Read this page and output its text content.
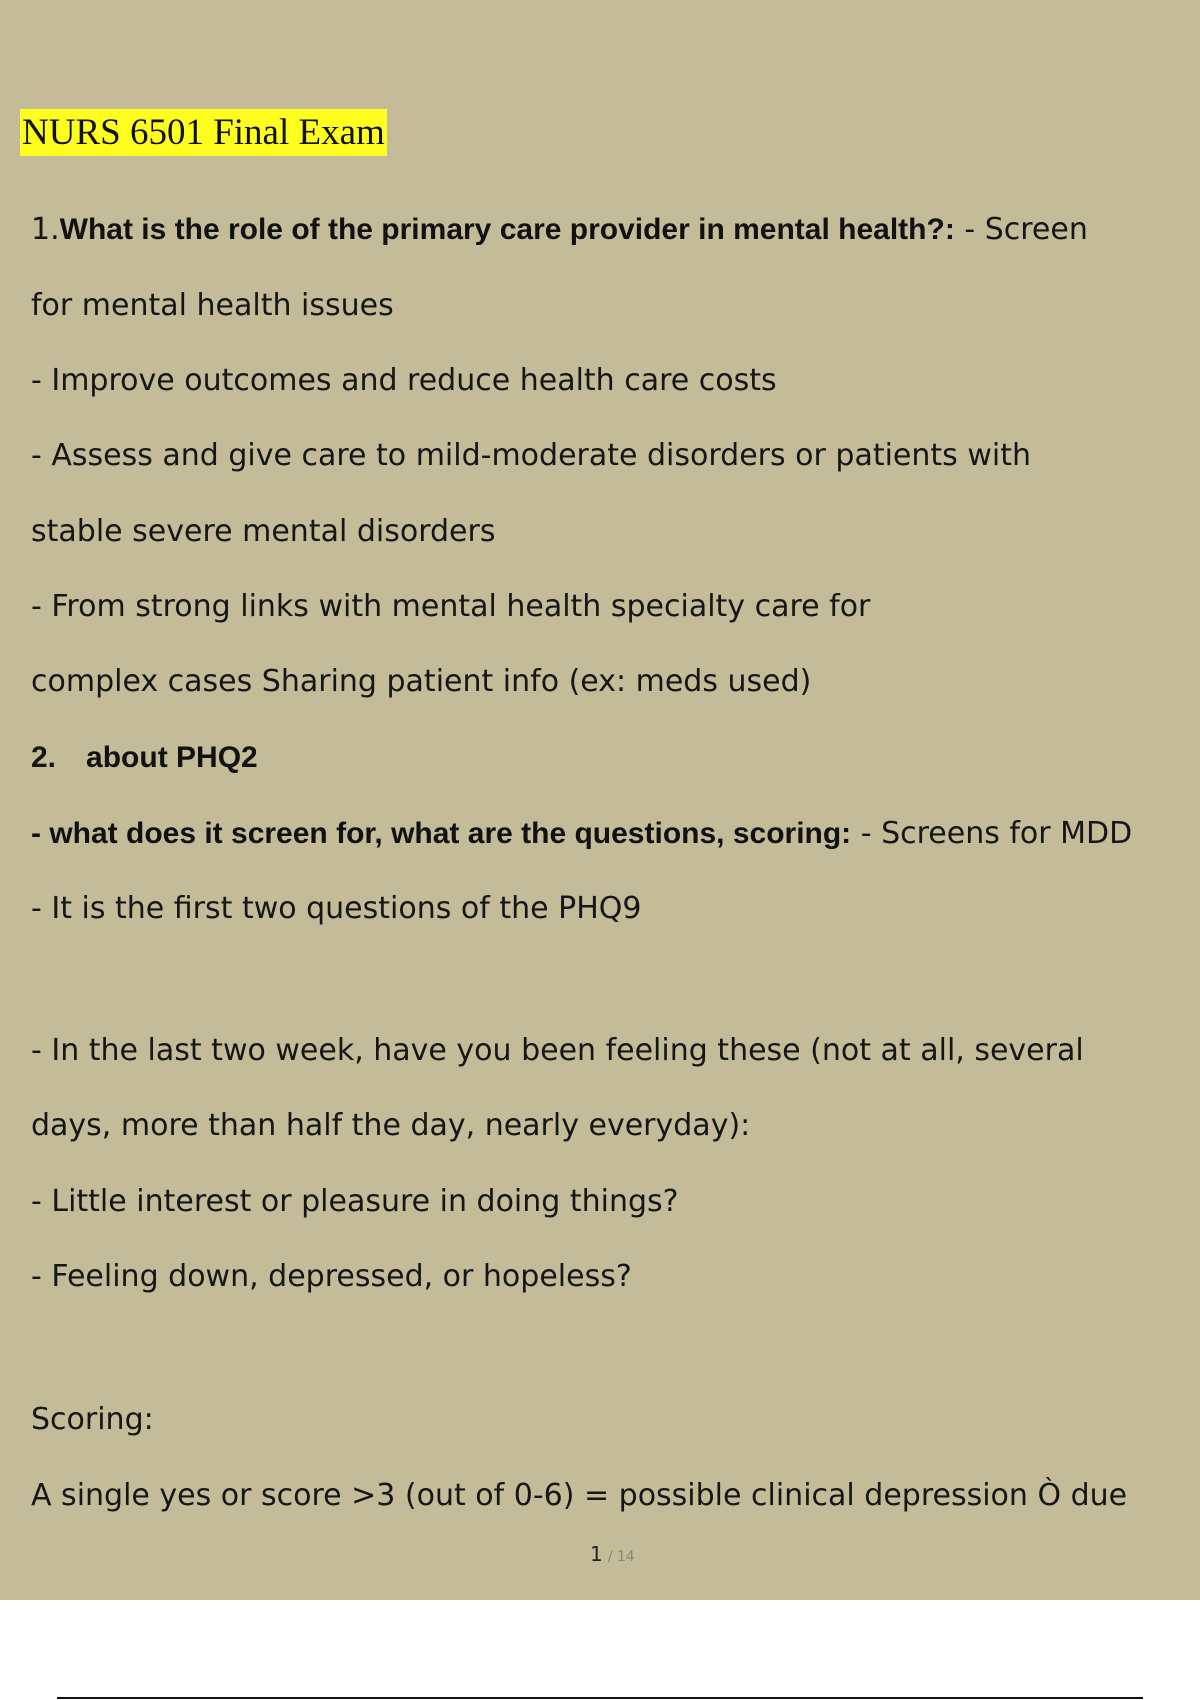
NURS 6501 Final Exam
1.What is the role of the primary care provider in mental health?: - Screen
for mental health issues
- Improve outcomes and reduce health care costs
- Assess and give care to mild-moderate disorders or patients with
stable severe mental disorders
- From strong links with mental health specialty care for
complex cases Sharing patient info (ex: meds used)
2. about PHQ2
- what does it screen for, what are the questions, scoring: - Screens for MDD
- It is the first two questions of the PHQ9
- In the last two week, have you been feeling these (not at all, several
days, more than half the day, nearly everyday):
- Little interest or pleasure in doing things?
- Feeling down, depressed, or hopeless?
Scoring:
A single yes or score >3 (out of 0-6) = possible clinical depression Ò due
1 / 14
